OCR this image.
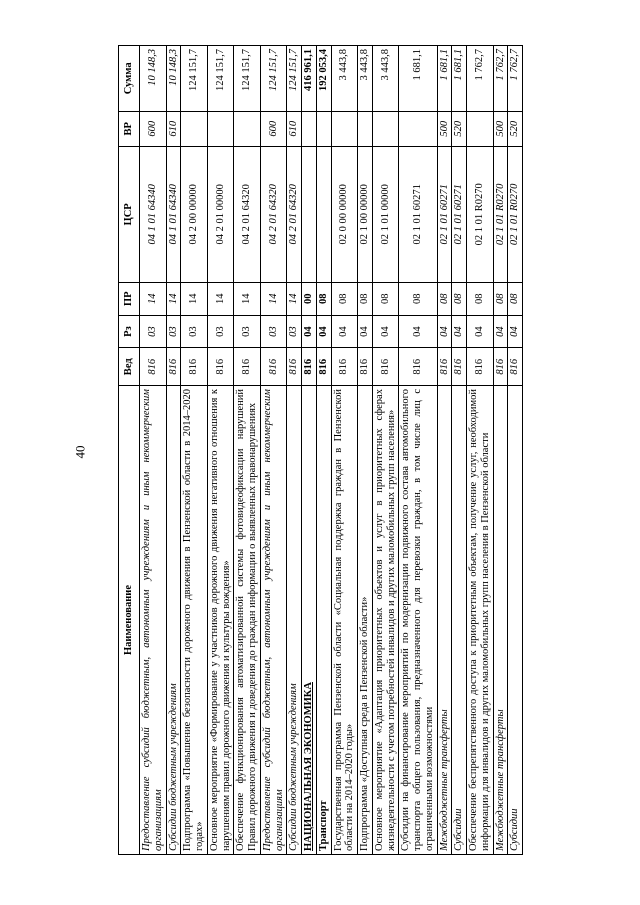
40
Наименование	Вед	Рз	ПР	ЦСР	ВР	Сумма
Предоставление субсидий бюджетным, автономным учреждениям и иным некоммерческим организациям	816	03	14	04 1 01 64340	600	10 148,3
Субсидии бюджетным учреждениям	816	03	14	04 1 01 64340	610	10 148,3
Подпрограмма «Повышение безопасности дорожного движения в Пензенской области в 2014–2020 годах»	816	03	14	04 2 00 00000		124 151,7
Основное мероприятие «Формирование у участников дорожного движения негативного отношения к нарушениям правил дорожного движения и культуры вождения»	816	03	14	04 2 01 00000		124 151,7
Обеспечение функционирования автоматизированной системы фотовидеофиксации нарушений Правил дорожного движения и доведения до граждан информации о выявленных правонарушениях	816	03	14	04 2 01 64320		124 151,7
Предоставление субсидий бюджетным, автономным учреждениям и иным некоммерческим организациям	816	03	14	04 2 01 64320	600	124 151,7
Субсидии бюджетным учреждениям	816	03	14	04 2 01 64320	610	124 151,7
НАЦИОНАЛЬНАЯ ЭКОНОМИКА	816	04	00			416 961,1
Транспорт	816	04	08			192 053,4
Государственная программа Пензенской области «Социальная поддержка граждан в Пензенской области на 2014–2020 годы»	816	04	08	02 0 00 00000		3 443,8
Подпрограмма «Доступная среда в Пензенской области»	816	04	08	02 1 00 00000		3 443,8
Основное мероприятие «Адаптация приоритетных объектов и услуг в приоритетных сферах жизнедеятельности с учетом потребностей инвалидов и других маломобильных групп населения»	816	04	08	02 1 01 00000		3 443,8
Субсидии на финансирование мероприятий по модернизации подвижного состава автомобильного транспорта общего пользования, предназначенного для перевозки граждан, в том числе лиц с ограниченными возможностями	816	04	08	02 1 01 60271		1 681,1
Межбюджетные трансферты	816	04	08	02 1 01 60271	500	1 681,1
Субсидии	816	04	08	02 1 01 60271	520	1 681,1
Обеспечение беспрепятственного доступа к приоритетным объектам, получение услуг, необходимой информации для инвалидов и других маломобильных групп населения в Пензенской области	816	04	08	02 1 01 R0270		1 762,7
Межбюджетные трансферты	816	04	08	02 1 01 R0270	500	1 762,7
Субсидии	816	04	08	02 1 01 R0270	520	1 762,7
